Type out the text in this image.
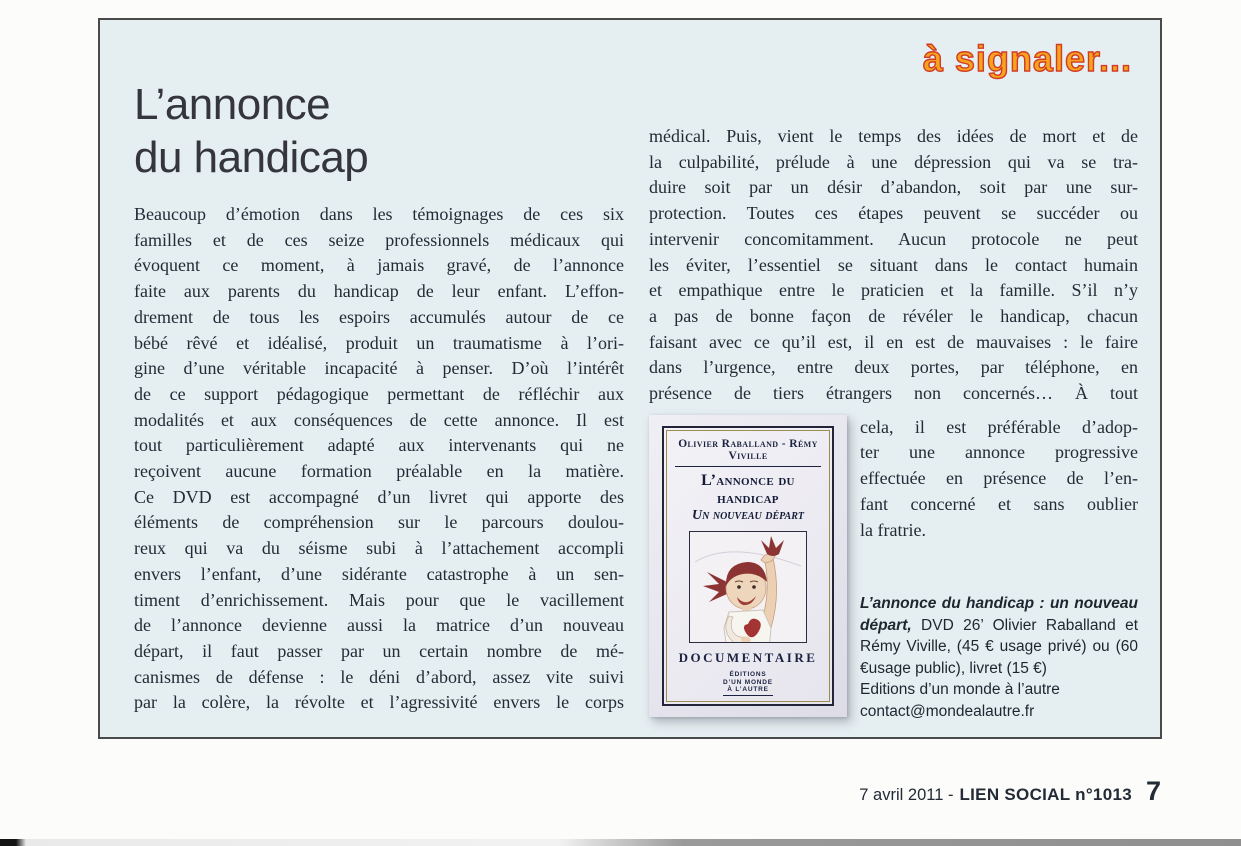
à signaler...
L’annonce
du handicap
Beaucoup d’émotion dans les témoignages de ces six
familles et de ces seize professionnels médicaux qui
évoquent ce moment, à jamais gravé, de l’annonce
faite aux parents du handicap de leur enfant. L’effon-
drement de tous les espoirs accumulés autour de ce
bébé rêvé et idéalisé, produit un traumatisme à l’ori-
gine d’une véritable incapacité à penser. D’où l’intérêt
de ce support pédagogique permettant de réfléchir aux
modalités et aux conséquences de cette annonce. Il est
tout particulièrement adapté aux intervenants qui ne
reçoivent aucune formation préalable en la matière.
Ce DVD est accompagné d’un livret qui apporte des
éléments de compréhension sur le parcours doulou-
reux qui va du séisme subi à l’attachement accompli
envers l’enfant, d’une sidérante catastrophe à un sen-
timent d’enrichissement. Mais pour que le vacillement
de l’annonce devienne aussi la matrice d’un nouveau
départ, il faut passer par un certain nombre de mé-
canismes de défense : le déni d’abord, assez vite suivi
par la colère, la révolte et l’agressivité envers le corps
médical. Puis, vient le temps des idées de mort et de
la culpabilité, prélude à une dépression qui va se tra-
duire soit par un désir d’abandon, soit par une sur-
protection. Toutes ces étapes peuvent se succéder ou
intervenir concomitamment. Aucun protocole ne peut
les éviter, l’essentiel se situant dans le contact humain
et empathique entre le praticien et la famille. S’il n’y
a pas de bonne façon de révéler le handicap, chacun
faisant avec ce qu’il est, il en est de mauvaises : le faire
dans l’urgence, entre deux portes, par téléphone, en
présence de tiers étrangers non concernés… À tout
Olivier Raballand - Rémy Viville
L’annonce du handicap
Un nouveau départ
DOCUMENTAIRE
ÉDITIONS
D’UN MONDE
À L’AUTRE
cela, il est préférable d’adop-
ter une annonce progressive
effectuée en présence de l’en-
fant concerné et sans oublier
la fratrie.
L’annonce du handicap : un nouveau départ, DVD 26’ Olivier Raballand et Rémy Viville, (45 € usage privé) ou (60 €usage public), livret (15 €)
Editions d’un monde à l’autre
contact@mondealautre.fr
7 avril 2011 - LIEN SOCIAL n°1013 7
